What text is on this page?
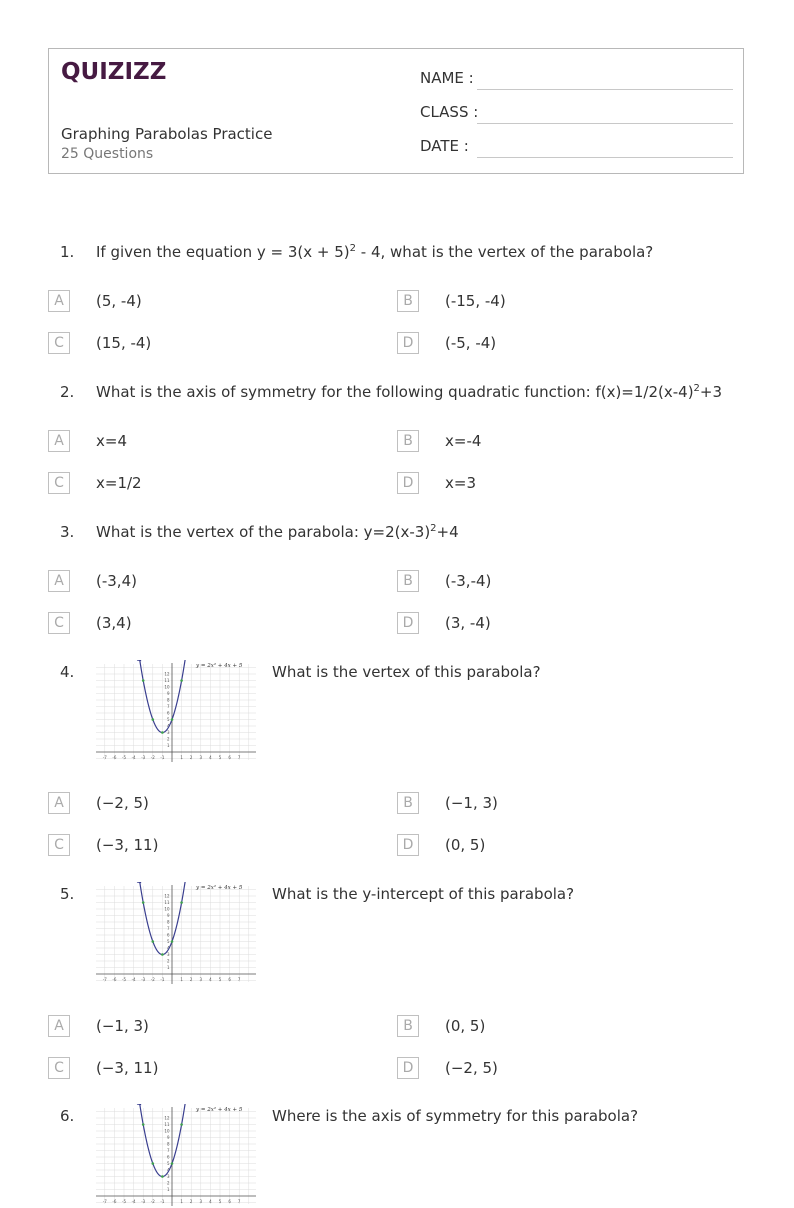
QUIZIZZ
Graphing Parabolas Practice
25 Questions
NAME :
CLASS :
DATE :
1. If given the equation $y = 3(x + 5)^2 - 4$, what is the vertex of the parabola?
A	(5, -4)	B	(-15, -4)
C	(15, -4)	D	(-5, -4)
2. What is the axis of symmetry for the following quadratic function: $f(x)=1/2(x-4)^2+3$
A	x=4	B	x=-4
C	x=1/2	D	x=3
3. What is the vertex of the parabola: $y=2(x-3)^2+4$
A	(-3,4)	B	(-3,-4)
C	(3,4)	D	(3, -4)
4.
-7 -6 -5 -4 -3 -2 -1	1 2 3 4 5 6 7
1
2
3
4
5
6
7
8
9
10
11
12
y = 2x² + 4x + 5 What is the vertex of this parabola?
A	(−2, 5)	B	(−1, 3)
C	(−3, 11)	D	(0, 5)
5.
-7 -6 -5 -4 -3 -2 -1	1 2 3 4 5 6 7
1
2
3
4
5
6
7
8
9
10
11
12
y = 2x² + 4x + 5 What is the y-intercept of this parabola?
A	(−1, 3)	B	(0, 5)
C	(−3, 11)	D	(−2, 5)
6.
-7 -6 -5 -4 -3 -2 -1	1 2 3 4 5 6 7
1
2
3
4
5
6
7
8
9
10
11
12
y = 2x² + 4x + 5 Where is the axis of symmetry for this parabola?
